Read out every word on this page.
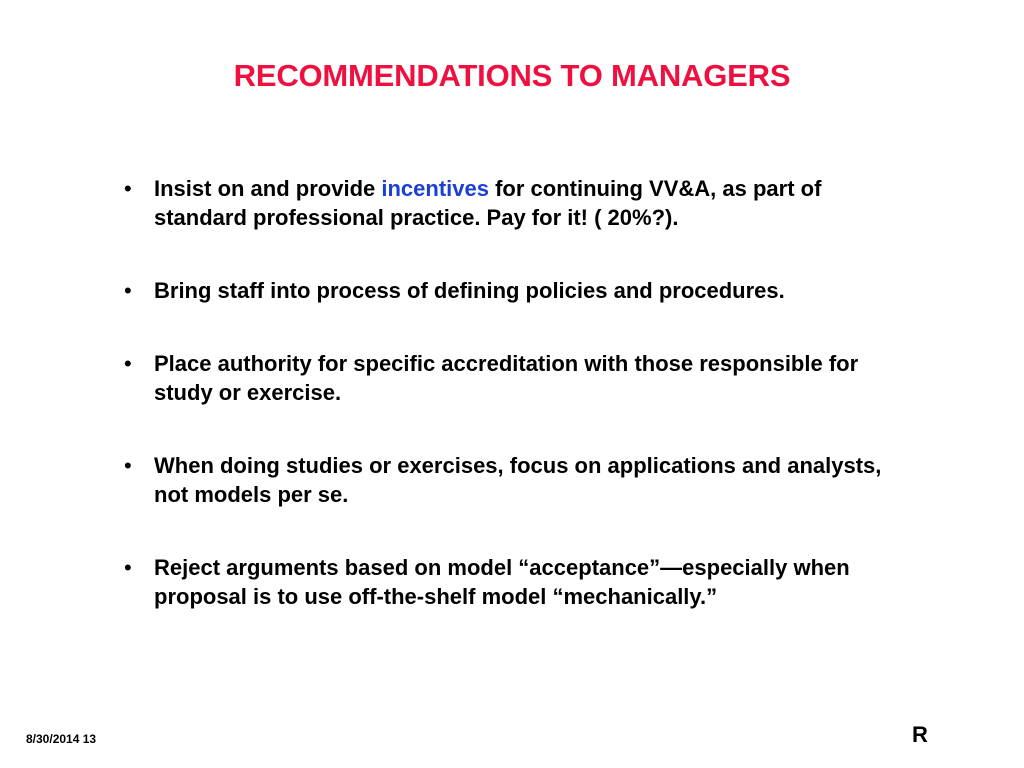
RECOMMENDATIONS TO MANAGERS
• Insist on and provide incentives for continuing VV&A, as part of standard professional practice. Pay for it! ( 20%?).
• Bring staff into process of defining policies and procedures.
• Place authority for specific accreditation with those responsible for study or exercise.
• When doing studies or exercises, focus on applications and analysts, not models per se.
• Reject arguments based on model “acceptance”—especially when proposal is to use off-the-shelf model “mechanically.”
8/30/2014 13	R
